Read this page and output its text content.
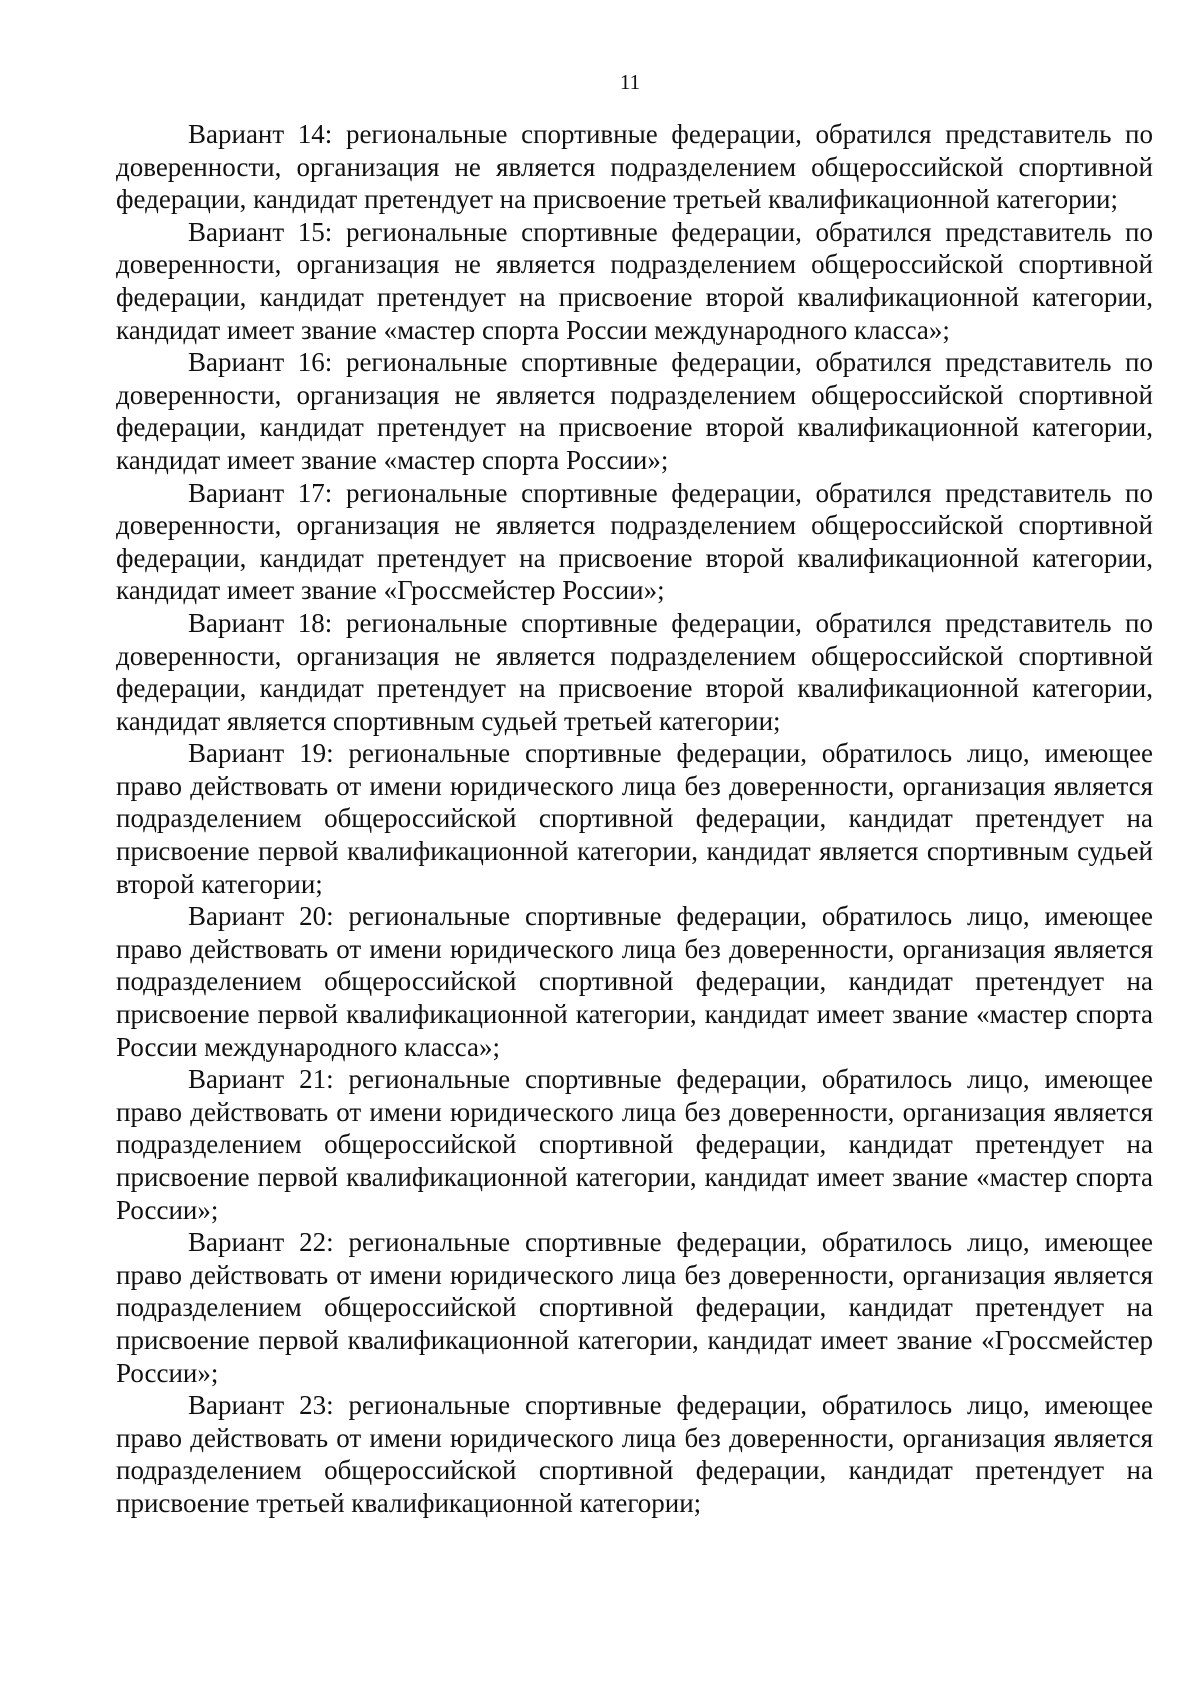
11

Вариант 14: региональные спортивные федерации, обратился представитель по доверенности, организация не является подразделением общероссийской спортивной федерации, кандидат претендует на присвоение третьей квалификационной категории;

Вариант 15: региональные спортивные федерации, обратился представитель по доверенности, организация не является подразделением общероссийской спортивной федерации, кандидат претендует на присвоение второй квалификационной категории, кандидат имеет звание «мастер спорта России международного класса»;

Вариант 16: региональные спортивные федерации, обратился представитель по доверенности, организация не является подразделением общероссийской спортивной федерации, кандидат претендует на присвоение второй квалификационной категории, кандидат имеет звание «мастер спорта России»;

Вариант 17: региональные спортивные федерации, обратился представитель по доверенности, организация не является подразделением общероссийской спортивной федерации, кандидат претендует на присвоение второй квалификационной категории, кандидат имеет звание «Гроссмейстер России»;

Вариант 18: региональные спортивные федерации, обратился представитель по доверенности, организация не является подразделением общероссийской спортивной федерации, кандидат претендует на присвоение второй квалификационной категории, кандидат является спортивным судьей третьей категории;

Вариант 19: региональные спортивные федерации, обратилось лицо, имеющее право действовать от имени юридического лица без доверенности, организация является подразделением общероссийской спортивной федерации, кандидат претендует на присвоение первой квалификационной категории, кандидат является спортивным судьей второй категории;

Вариант 20: региональные спортивные федерации, обратилось лицо, имеющее право действовать от имени юридического лица без доверенности, организация является подразделением общероссийской спортивной федерации, кандидат претендует на присвоение первой квалификационной категории, кандидат имеет звание «мастер спорта России международного класса»;

Вариант 21: региональные спортивные федерации, обратилось лицо, имеющее право действовать от имени юридического лица без доверенности, организация является подразделением общероссийской спортивной федерации, кандидат претендует на присвоение первой квалификационной категории, кандидат имеет звание «мастер спорта России»;

Вариант 22: региональные спортивные федерации, обратилось лицо, имеющее право действовать от имени юридического лица без доверенности, организация является подразделением общероссийской спортивной федерации, кандидат претендует на присвоение первой квалификационной категории, кандидат имеет звание «Гроссмейстер России»;

Вариант 23: региональные спортивные федерации, обратилось лицо, имеющее право действовать от имени юридического лица без доверенности, организация является подразделением общероссийской спортивной федерации, кандидат претендует на присвоение третьей квалификационной категории;
